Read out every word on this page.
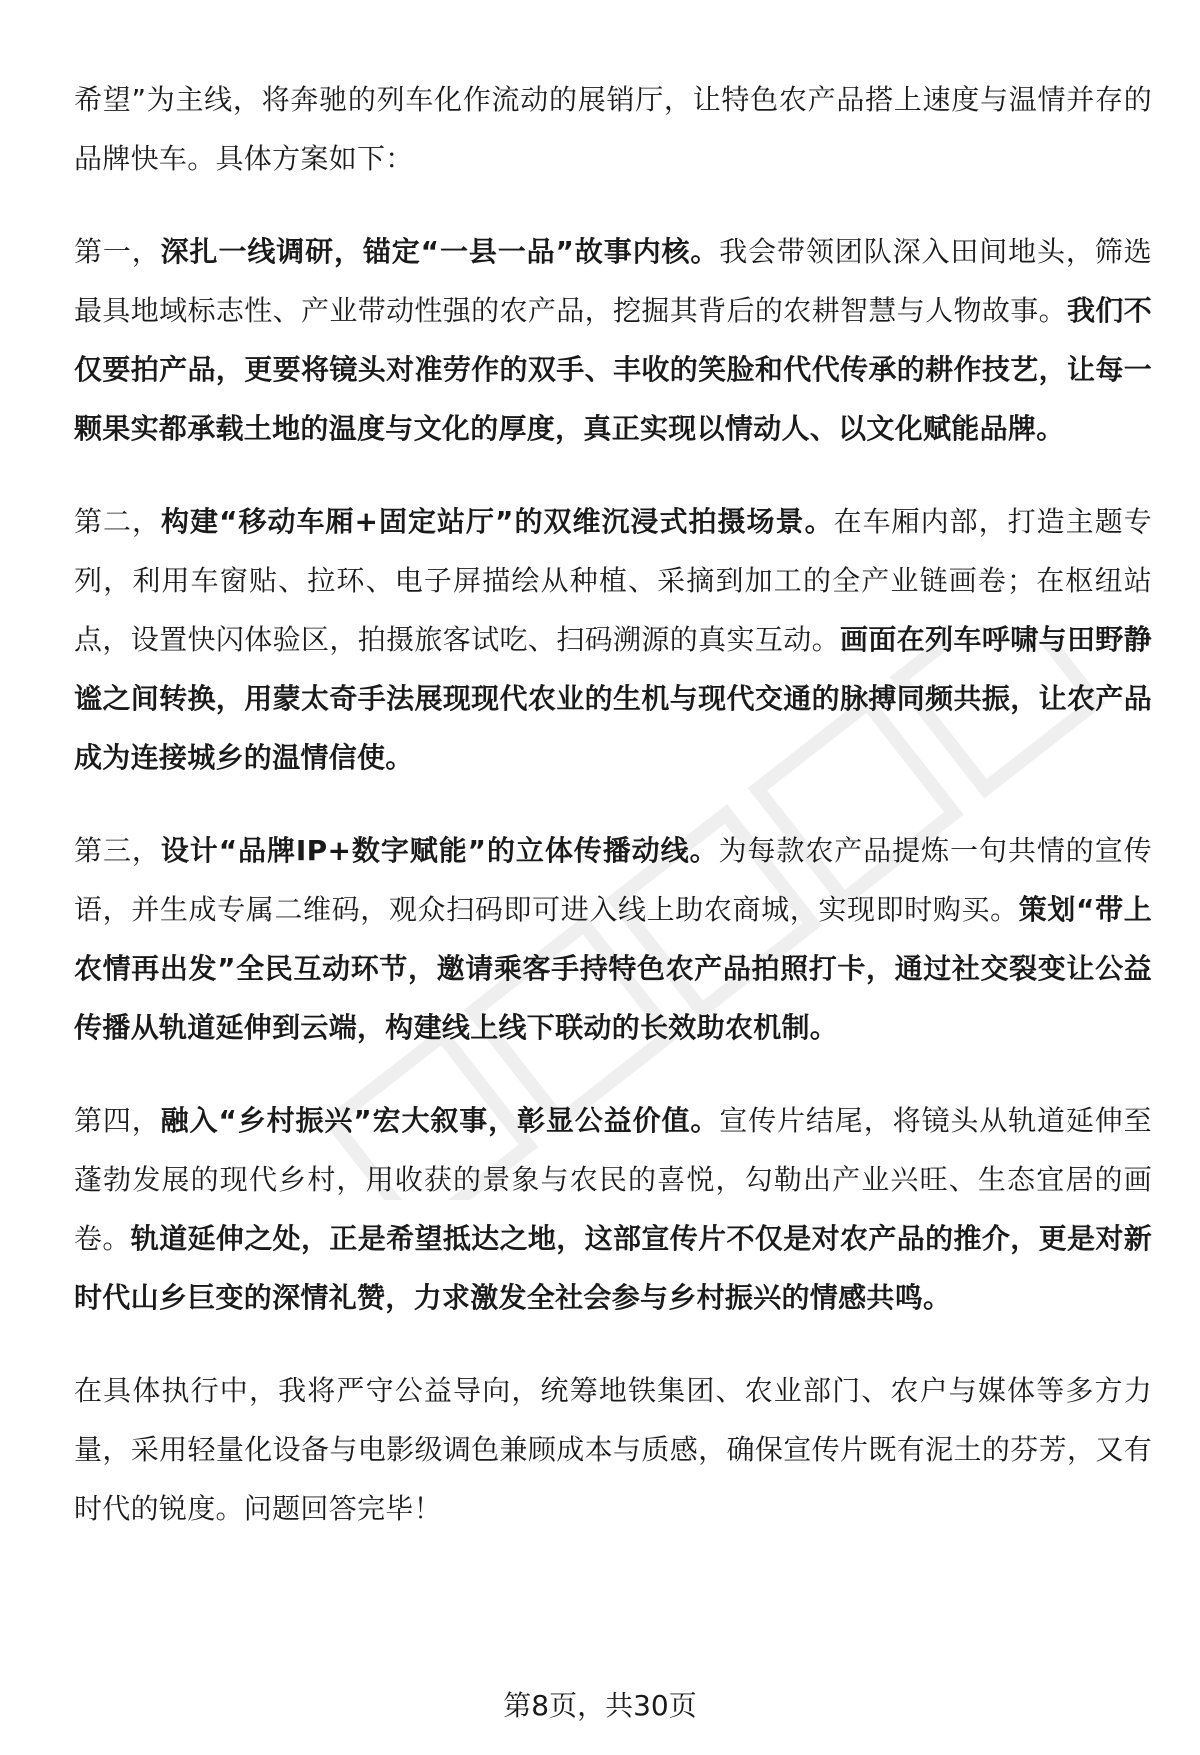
希望”为主线，将奔驰的列车化作流动的展销厅，让特色农产品搭上速度与温情并存的品牌快车。具体方案如下：

第一，深扎一线调研，锚定“一县一品”故事内核。我会带领团队深入田间地头，筛选最具地域标志性、产业带动性强的农产品，挖掘其背后的农耕智慧与人物故事。我们不仅要拍产品，更要将镜头对准劳作的双手、丰收的笑脸和代代传承的耕作技艺，让每一颗果实都承载土地的温度与文化的厚度，真正实现以情动人、以文化赋能品牌。

第二，构建“移动车厢+固定站厅”的双维沉浸式拍摄场景。在车厢内部，打造主题专列，利用车窗贴、拉环、电子屏描绘从种植、采摘到加工的全产业链画卷；在枢纽站点，设置快闪体验区，拍摄旅客试吃、扫码溯源的真实互动。画面在列车呼啸与田野静谧之间转换，用蒙太奇手法展现现代农业的生机与现代交通的脉搏同频共振，让农产品成为连接城乡的温情信使。

第三，设计“品牌IP+数字赋能”的立体传播动线。为每款农产品提炼一句共情的宣传语，并生成专属二维码，观众扫码即可进入线上助农商城，实现即时购买。策划“带上农情再出发”全民互动环节，邀请乘客手持特色农产品拍照打卡，通过社交裂变让公益传播从轨道延伸到云端，构建线上线下联动的长效助农机制。

第四，融入“乡村振兴”宏大叙事，彰显公益价值。宣传片结尾，将镜头从轨道延伸至蓬勃发展的现代乡村，用收获的景象与农民的喜悦，勾勒出产业兴旺、生态宜居的画卷。轨道延伸之处，正是希望抵达之地，这部宣传片不仅是对农产品的推介，更是对新时代山乡巨变的深情礼赞，力求激发全社会参与乡村振兴的情感共鸣。

在具体执行中，我将严守公益导向，统筹地铁集团、农业部门、农户与媒体等多方力量，采用轻量化设备与电影级调色兼顾成本与质感，确保宣传片既有泥土的芬芳，又有时代的锐度。问题回答完毕！

第8页，共30页
